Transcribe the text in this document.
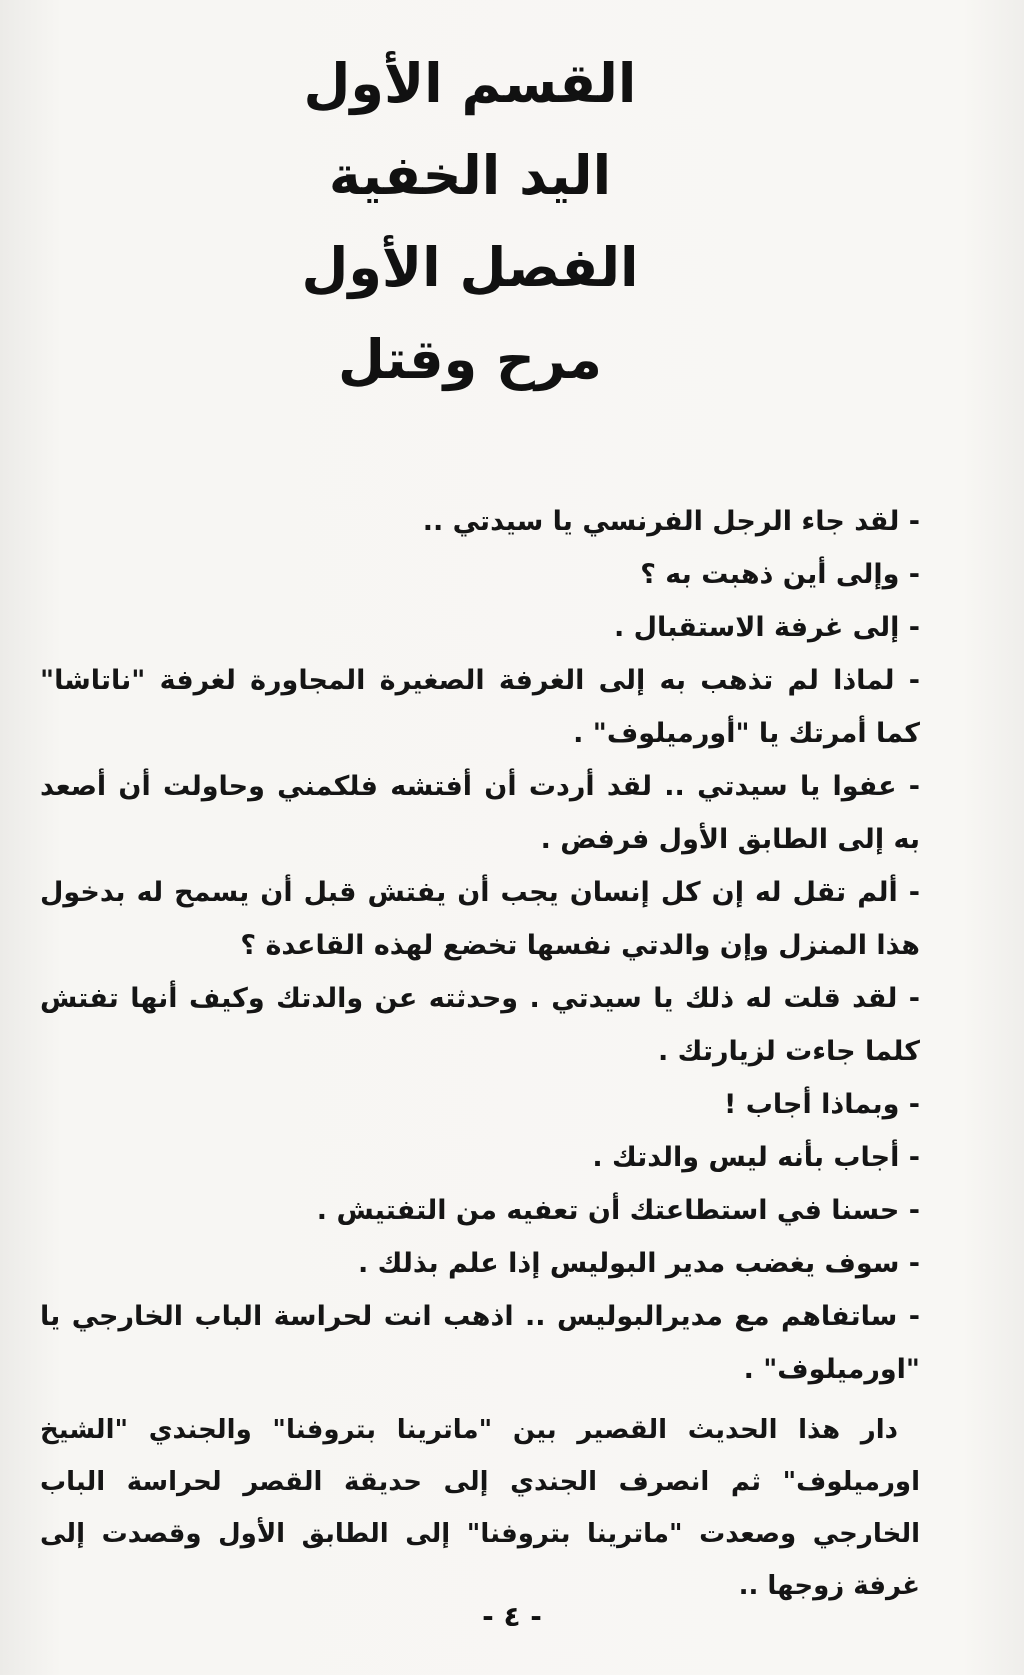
القسم الأول
اليد الخفية
الفصل الأول
مرح وقتل

- لقد جاء الرجل الفرنسي يا سيدتي ..

- وإلى أين ذهبت به ؟

- إلى غرفة الاستقبال .

- لماذا لم تذهب به إلى الغرفة الصغيرة المجاورة لغرفة "ناتاشا" كما أمرتك يا "أورميلوف" .

- عفوا يا سيدتي .. لقد أردت أن أفتشه فلكمني وحاولت أن أصعد به إلى الطابق الأول فرفض .

- ألم تقل له إن كل إنسان يجب أن يفتش قبل أن يسمح له بدخول هذا المنزل وإن والدتي نفسها تخضع لهذه القاعدة ؟

- لقد قلت له ذلك يا سيدتي . وحدثته عن والدتك وكيف أنها تفتش كلما جاءت لزيارتك .

- وبماذا أجاب !

- أجاب بأنه ليس والدتك .

- حسنا في استطاعتك أن تعفيه من التفتيش .

- سوف يغضب مدير البوليس إذا علم بذلك .

- ساتفاهم مع مديرالبوليس .. اذهب انت لحراسة الباب الخارجي يا "اورميلوف" .

دار هذا الحديث القصير بين "ماترينا بتروفنا" والجندي "الشيخ اورميلوف" ثم انصرف الجندي إلى حديقة القصر لحراسة الباب الخارجي وصعدت "ماترينا بتروفنا" إلى الطابق الأول وقصدت إلى غرفة زوجها ..

- ٤ -
